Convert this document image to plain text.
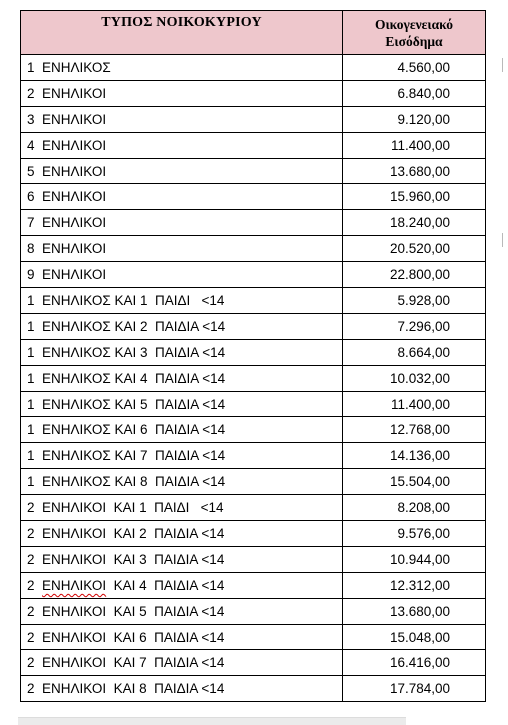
ΤΥΠΟΣ ΝΟΙΚΟΚΥΡΙΟΥ	Οικογενειακό
Εισόδημα

1  ΕΝΗΛΙΚΟΣ	4.560,00
2  ΕΝΗΛΙΚΟΙ	6.840,00
3  ΕΝΗΛΙΚΟΙ	9.120,00
4  ΕΝΗΛΙΚΟΙ	11.400,00
5  ΕΝΗΛΙΚΟΙ	13.680,00
6  ΕΝΗΛΙΚΟΙ	15.960,00
7  ΕΝΗΛΙΚΟΙ	18.240,00
8  ΕΝΗΛΙΚΟΙ	20.520,00
9  ΕΝΗΛΙΚΟΙ	22.800,00
1  ΕΝΗΛΙΚΟΣ ΚΑΙ 1  ΠΑΙΔΙ   <14	5.928,00
1  ΕΝΗΛΙΚΟΣ ΚΑΙ 2  ΠΑΙΔΙΑ <14	7.296,00
1  ΕΝΗΛΙΚΟΣ ΚΑΙ 3  ΠΑΙΔΙΑ <14	8.664,00
1  ΕΝΗΛΙΚΟΣ ΚΑΙ 4  ΠΑΙΔΙΑ <14	10.032,00
1  ΕΝΗΛΙΚΟΣ ΚΑΙ 5  ΠΑΙΔΙΑ <14	11.400,00
1  ΕΝΗΛΙΚΟΣ ΚΑΙ 6  ΠΑΙΔΙΑ <14	12.768,00
1  ΕΝΗΛΙΚΟΣ ΚΑΙ 7  ΠΑΙΔΙΑ <14	14.136,00
1  ΕΝΗΛΙΚΟΣ ΚΑΙ 8  ΠΑΙΔΙΑ <14	15.504,00
2  ΕΝΗΛΙΚΟΙ  ΚΑΙ 1  ΠΑΙΔΙ   <14	8.208,00
2  ΕΝΗΛΙΚΟΙ  ΚΑΙ 2  ΠΑΙΔΙΑ <14	9.576,00
2  ΕΝΗΛΙΚΟΙ  ΚΑΙ 3  ΠΑΙΔΙΑ <14	10.944,00
2  ΕΝΗΛΙΚΟΙ  ΚΑΙ 4  ΠΑΙΔΙΑ <14	12.312,00
2  ΕΝΗΛΙΚΟΙ  ΚΑΙ 5  ΠΑΙΔΙΑ <14	13.680,00
2  ΕΝΗΛΙΚΟΙ  ΚΑΙ 6  ΠΑΙΔΙΑ <14	15.048,00
2  ΕΝΗΛΙΚΟΙ  ΚΑΙ 7  ΠΑΙΔΙΑ <14	16.416,00
2  ΕΝΗΛΙΚΟΙ  ΚΑΙ 8  ΠΑΙΔΙΑ <14	17.784,00
